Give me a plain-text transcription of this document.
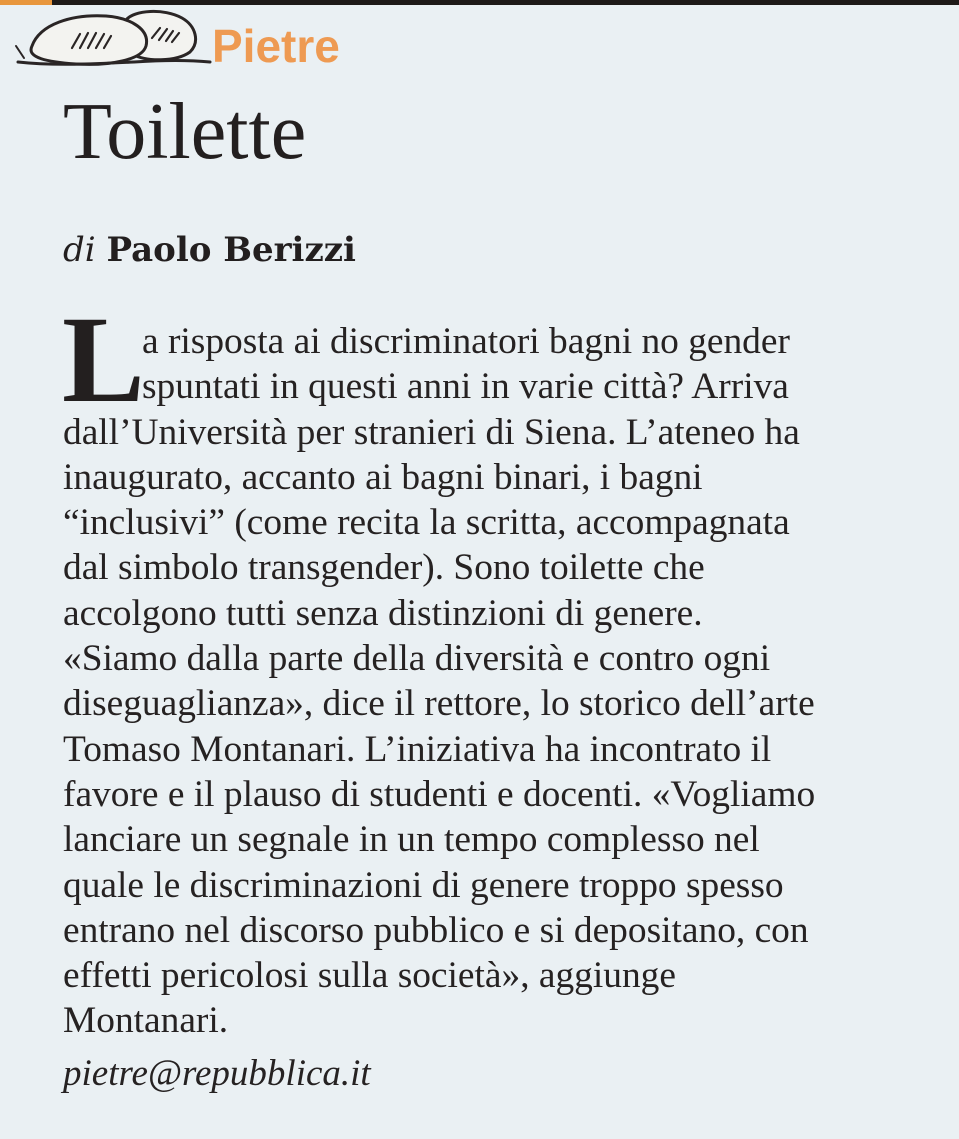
Pietre
Toilette

di Paolo Berizzi

L
a risposta ai discriminatori bagni no gender
spuntati in questi anni in varie città? Arriva
dall’Università per stranieri di Siena. L’ateneo ha
inaugurato, accanto ai bagni binari, i bagni
“inclusivi” (come recita la scritta, accompagnata
dal simbolo transgender). Sono toilette che
accolgono tutti senza distinzioni di genere.
«Siamo dalla parte della diversità e contro ogni
diseguaglianza», dice il rettore, lo storico dell’arte
Tomaso Montanari. L’iniziativa ha incontrato il
favore e il plauso di studenti e docenti. «Vogliamo
lanciare un segnale in un tempo complesso nel
quale le discriminazioni di genere troppo spesso
entrano nel discorso pubblico e si depositano, con
effetti pericolosi sulla società», aggiunge
Montanari.

pietre@repubblica.it
